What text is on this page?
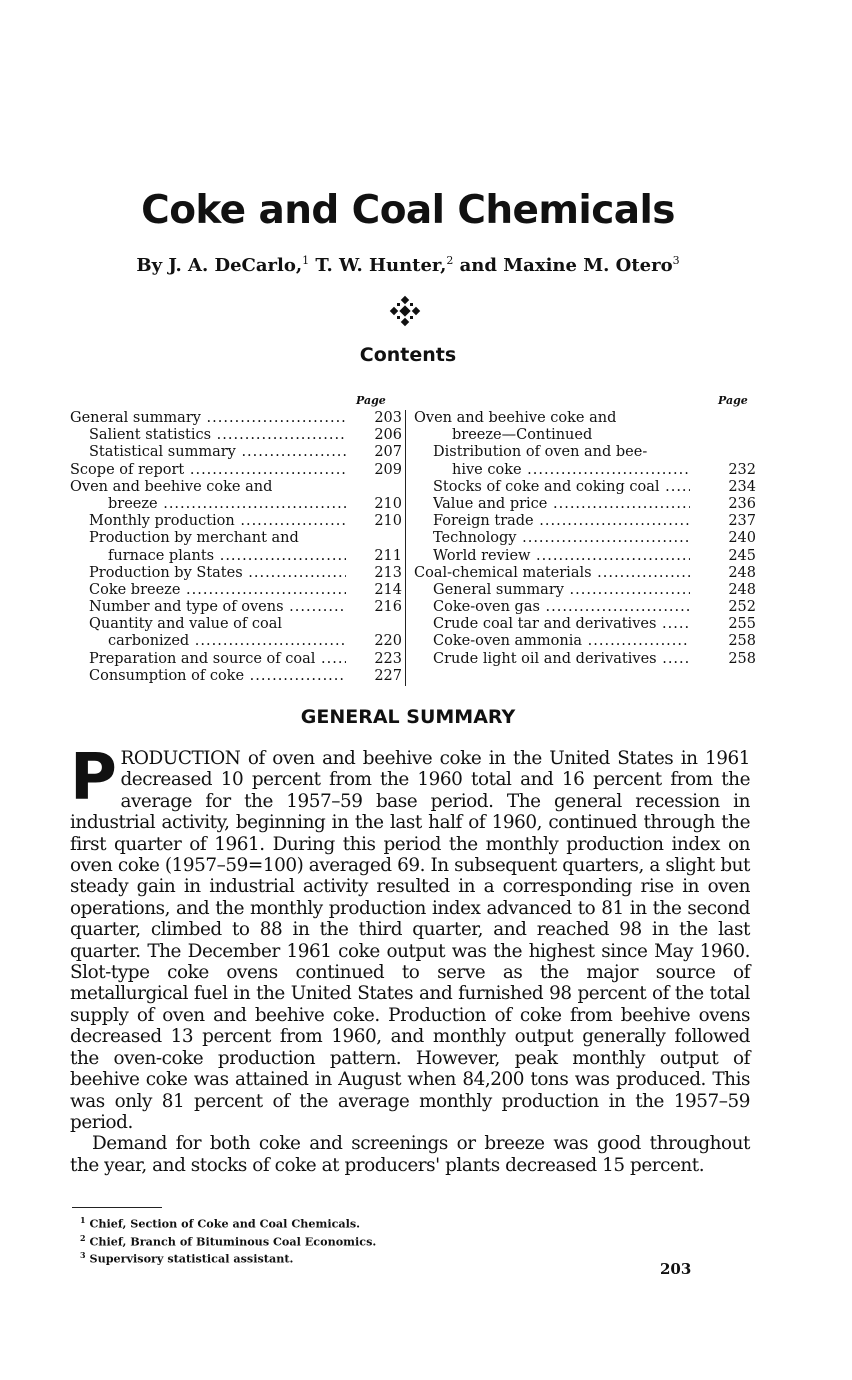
Coke and Coal Chemicals
By J. A. DeCarlo,$^1$ T. W. Hunter,$^2$ and Maxine M. Otero$^3$
Contents
Page	Page
General summary .....	203
Salient statistics .....	206
Statistical summary .....	207
Scope of report .....	209
Oven and beehive coke and
breeze .....	210
Monthly production .....	210
Production by merchant and
furnace plants .....	211
Production by States .....	213
Coke breeze .....	214
Number and type of ovens .....	216
Quantity and value of coal
carbonized .....	220
Preparation and source of coal .....	223
Consumption of coke .....	227
Oven and beehive coke and
breeze—Continued
Distribution of oven and bee-
hive coke .....	232
Stocks of coke and coking coal .....	234
Value and price .....	236
Foreign trade .....	237
Technology .....	240
World review .....	245
Coal-chemical materials .....	248
General summary .....	248
Coke-oven gas .....	252
Crude coal tar and derivatives .....	255
Coke-oven ammonia .....	258
Crude light oil and derivatives .....	258
GENERAL SUMMARY

PRODUCTION of oven and beehive coke in the United States in 1961 decreased 10 percent from the 1960 total and 16 percent from the average for the 1957–59 base period. The general recession in industrial activity, beginning in the last half of 1960, continued through the first quarter of 1961. During this period the monthly production index on oven coke (1957–59=100) averaged 69. In subsequent quarters, a slight but steady gain in industrial activity resulted in a corresponding rise in oven operations, and the monthly production index advanced to 81 in the second quarter, climbed to 88 in the third quarter, and reached 98 in the last quarter. The December 1961 coke output was the highest since May 1960. Slot-type coke ovens continued to serve as the major source of metallurgical fuel in the United States and furnished 98 percent of the total supply of oven and beehive coke. Production of coke from beehive ovens decreased 13 percent from 1960, and monthly output generally followed the oven-coke production pattern. However, peak monthly output of beehive coke was attained in August when 84,200 tons was produced. This was only 81 percent of the average monthly production in the 1957–59 period.

Demand for both coke and screenings or breeze was good throughout the year, and stocks of coke at producers' plants decreased 15 percent.

$^1$ Chief, Section of Coke and Coal Chemicals.
$^2$ Chief, Branch of Bituminous Coal Economics.
$^3$ Supervisory statistical assistant.
203
